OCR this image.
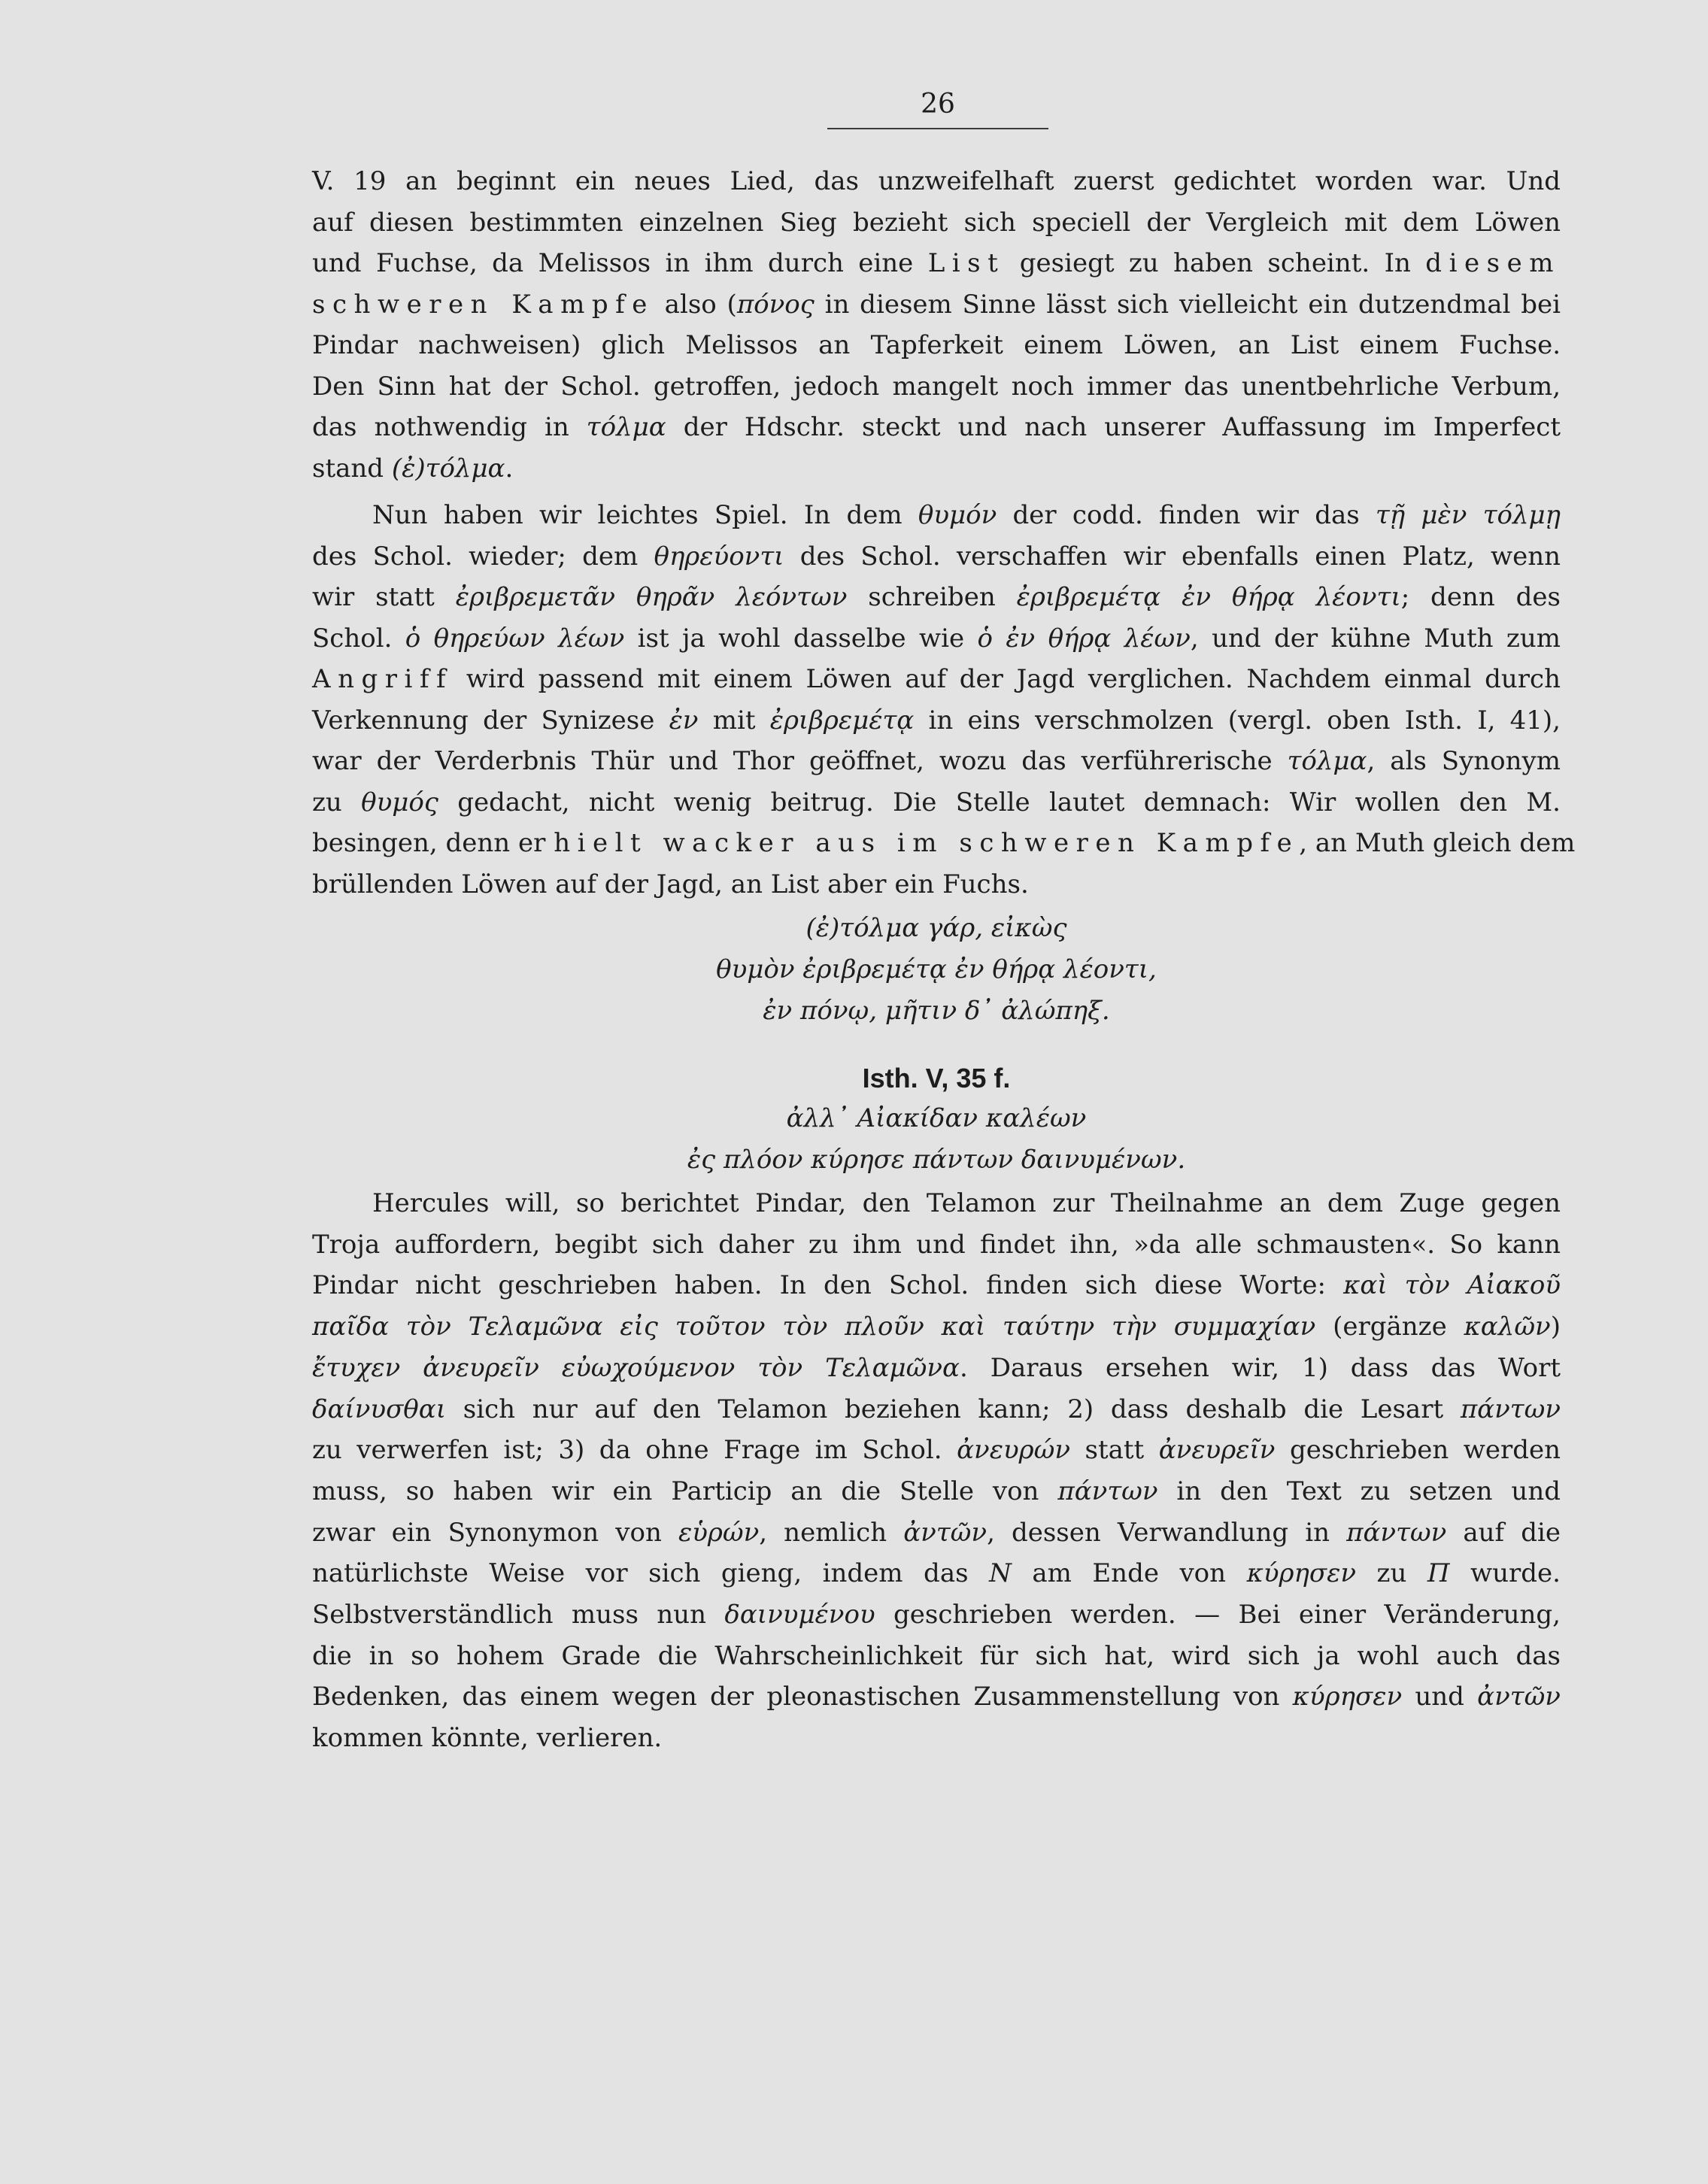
26
V. 19 an beginnt ein neues Lied, das unzweifelhaft zuerst gedichtet worden war. Und
auf diesen bestimmten einzelnen Sieg bezieht sich speciell der Vergleich mit dem Löwen
und Fuchse, da Melissos in ihm durch eine List gesiegt zu haben scheint. In diesem
schweren Kampfe also (πόνος in diesem Sinne lässt sich vielleicht ein dutzendmal bei
Pindar nachweisen) glich Melissos an Tapferkeit einem Löwen, an List einem Fuchse.
Den Sinn hat der Schol. getroffen, jedoch mangelt noch immer das unentbehrliche Verbum,
das nothwendig in τόλμα der Hdschr. steckt und nach unserer Auffassung im Imperfect
stand (ἐ)τόλμα.
Nun haben wir leichtes Spiel. In dem θυμόν der codd. finden wir das τῇ μὲν τόλμῃ
des Schol. wieder; dem θηρεύοντι des Schol. verschaffen wir ebenfalls einen Platz, wenn
wir statt ἐριβρεμετᾶν θηρᾶν λεόντων schreiben ἐριβρεμέτᾳ ἐν θήρᾳ λέοντι; denn des
Schol. ὁ θηρεύων λέων ist ja wohl dasselbe wie ὁ ἐν θήρᾳ λέων, und der kühne Muth zum
Angriff wird passend mit einem Löwen auf der Jagd verglichen. Nachdem einmal durch
Verkennung der Synizese ἐν mit ἐριβρεμέτᾳ in eins verschmolzen (vergl. oben Isth. I, 41),
war der Verderbnis Thür und Thor geöffnet, wozu das verführerische τόλμα, als Synonym
zu θυμός gedacht, nicht wenig beitrug. Die Stelle lautet demnach: Wir wollen den M.
besingen, denn er hielt wacker aus im schweren Kampfe, an Muth gleich dem
brüllenden Löwen auf der Jagd, an List aber ein Fuchs.
(ἐ)τόλμα γάρ, εἰκὼς
θυμὸν ἐριβρεμέτᾳ ἐν θήρᾳ λέοντι,
ἐν πόνῳ, μῆτιν δ᾽ ἀλώπηξ.
Isth. V, 35 f.
ἀλλ᾽ Αἰακίδαν καλέων
ἐς πλόον κύρησε πάντων δαινυμένων.
Hercules will, so berichtet Pindar, den Telamon zur Theilnahme an dem Zuge gegen
Troja auffordern, begibt sich daher zu ihm und findet ihn, »da alle schmausten«. So kann
Pindar nicht geschrieben haben. In den Schol. finden sich diese Worte: καὶ τὸν Αἰακοῦ
παῖδα τὸν Τελαμῶνα εἰς τοῦτον τὸν πλοῦν καὶ ταύτην τὴν συμμαχίαν (ergänze καλῶν)
ἔτυχεν ἀνευρεῖν εὐωχούμενον τὸν Τελαμῶνα. Daraus ersehen wir, 1) dass das Wort
δαίνυσθαι sich nur auf den Telamon beziehen kann; 2) dass deshalb die Lesart πάντων
zu verwerfen ist; 3) da ohne Frage im Schol. ἀνευρών statt ἀνευρεῖν geschrieben werden
muss, so haben wir ein Particip an die Stelle von πάντων in den Text zu setzen und
zwar ein Synonymon von εὑρών, nemlich ἀντῶν, dessen Verwandlung in πάντων auf die
natürlichste Weise vor sich gieng, indem das N am Ende von κύρησεν zu Π wurde.
Selbstverständlich muss nun δαινυμένου geschrieben werden. — Bei einer Veränderung,
die in so hohem Grade die Wahrscheinlichkeit für sich hat, wird sich ja wohl auch das
Bedenken, das einem wegen der pleonastischen Zusammenstellung von κύρησεν und ἀντῶν
kommen könnte, verlieren.
